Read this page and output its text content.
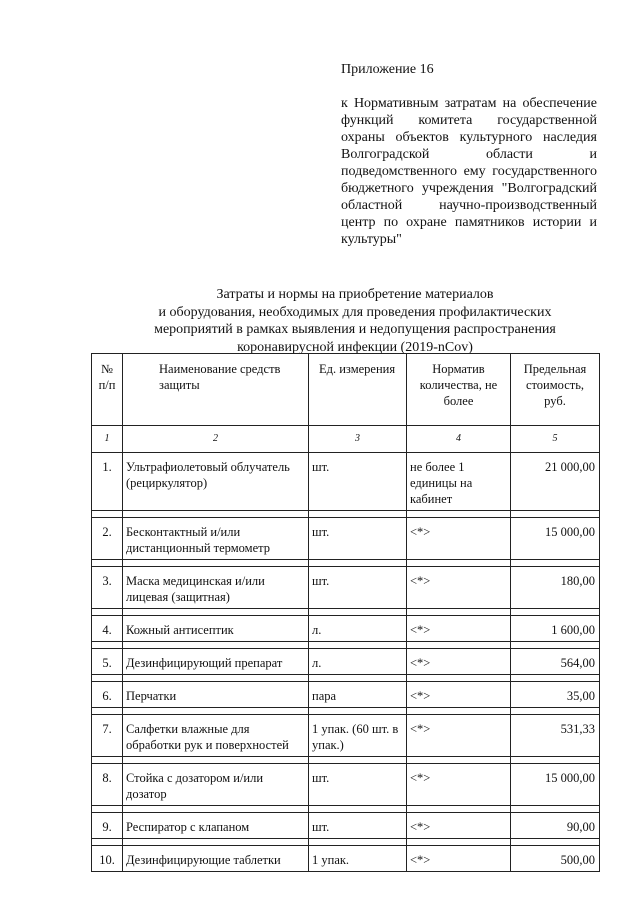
Приложение 16
к Нормативным затратам на обеспечение функций комитета государственной охраны объектов культурного наследия Волгоградской области и подведомственного ему государственного бюджетного учреждения "Волгоградский областной научно-производственный центр по охране памятников истории и культуры"
Затраты и нормы на приобретение материалов
и оборудования, необходимых для проведения профилактических
мероприятий в рамках выявления и недопущения распространения
коронавирусной инфекции (2019-nCov)
№ п/п	Наименование средств защиты	Ед. измерения	Норматив количества, не более	Предельная стоимость, руб.
1	2	3	4	5
1.	Ультрафиолетовый облучатель (рециркулятор)	шт.	не более 1 единицы на кабинет	21 000,00

2.	Бесконтактный и/или дистанционный термометр	шт.	<*>	15 000,00

3.	Маска медицинская и/или лицевая (защитная)	шт.	<*>	180,00

4.	Кожный антисептик	л.	<*>	1 600,00

5.	Дезинфицирующий препарат	л.	<*>	564,00

6.	Перчатки	пара	<*>	35,00

7.	Салфетки влажные для обработки рук и поверхностей	1 упак. (60 шт. в упак.)	<*>	531,33

8.	Стойка с дозатором и/или дозатор	шт.	<*>	15 000,00

9.	Респиратор с клапаном	шт.	<*>	90,00

10.	Дезинфицирующие таблетки	1 упак.	<*>	500,00
